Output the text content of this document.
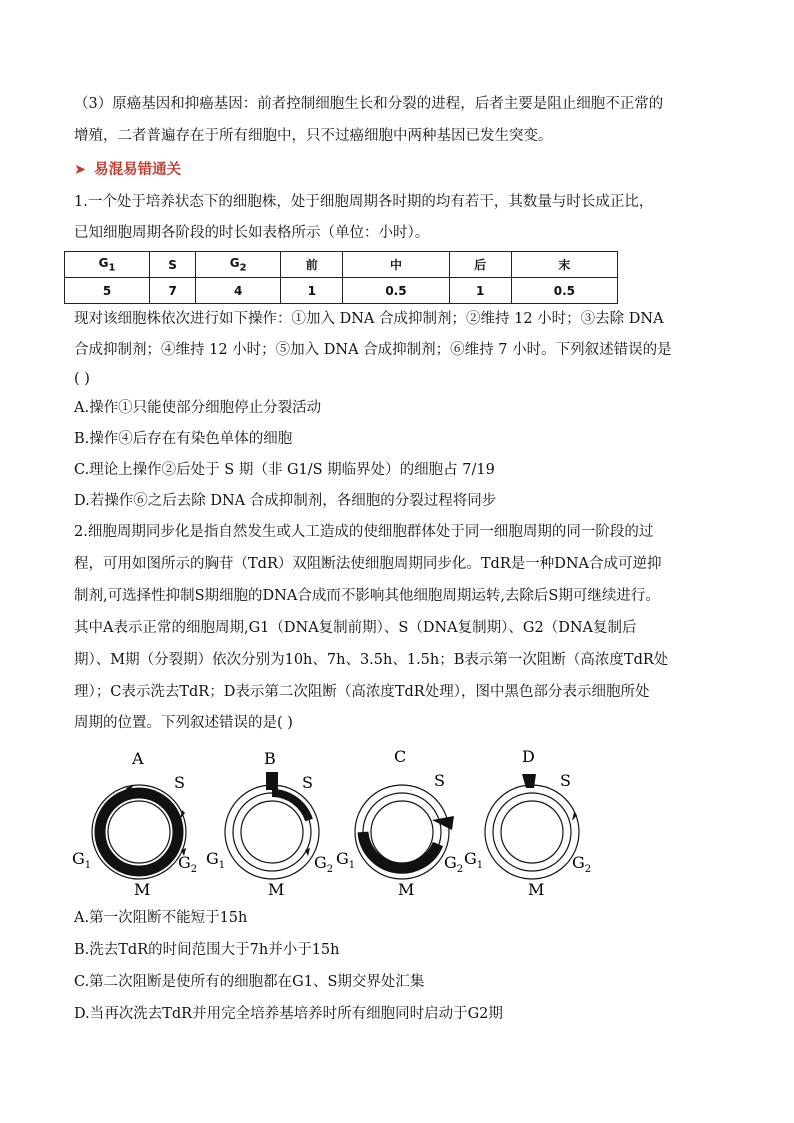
（3）原癌基因和抑癌基因：前者控制细胞生长和分裂的进程，后者主要是阻止细胞不正常的
增殖，二者普遍存在于所有细胞中，只不过癌细胞中两种基因已发生突变。
➤ 易混易错通关
1.一个处于培养状态下的细胞株，处于细胞周期各时期的均有若干，其数量与时长成正比，
已知细胞周期各阶段的时长如表格所示（单位：小时）。
$G_1$	S	$G_2$	前	中	后	末
5	7	4	1	0.5	1	0.5
现对该细胞株依次进行如下操作：①加入 DNA 合成抑制剂；②维持 12 小时；③去除 DNA
合成抑制剂；④维持 12 小时；⑤加入 DNA 合成抑制剂；⑥维持 7 小时。下列叙述错误的是
( )
A.操作①只能使部分细胞停止分裂活动
B.操作④后存在有染色单体的细胞
C.理论上操作②后处于 S 期（非 G1/S 期临界处）的细胞占 7/19
D.若操作⑥之后去除 DNA 合成抑制剂，各细胞的分裂过程将同步
2.细胞周期同步化是指自然发生或人工造成的使细胞群体处于同一细胞周期的同一阶段的过
程，可用如图所示的胸苷（TdR）双阻断法使细胞周期同步化。TdR是一种DNA合成可逆抑
制剂,可选择性抑制S期细胞的DNA合成而不影响其他细胞周期运转,去除后S期可继续进行。
其中A表示正常的细胞周期,G1（DNA复制前期）、S（DNA复制期）、G2（DNA复制后
期）、M期（分裂期）依次分别为10h、7h、3.5h、1.5h；B表示第一次阻断（高浓度TdR处
理）；C表示洗去TdR；D表示第二次阻断（高浓度TdR处理），图中黑色部分表示细胞所处
周期的位置。下列叙述错误的是( )
A
S
$G_1$	$G_2$
M
B
S
$G_1$	$G_2$
M
C
S
$G_1$	$G_2$
M
D
S
$G_1$	$G_2$
M
A.第一次阻断不能短于15h
B.洗去TdR的时间范围大于7h并小于15h
C.第二次阻断是使所有的细胞都在G1、S期交界处汇集
D.当再次洗去TdR并用完全培养基培养时所有细胞同时启动于G2期
